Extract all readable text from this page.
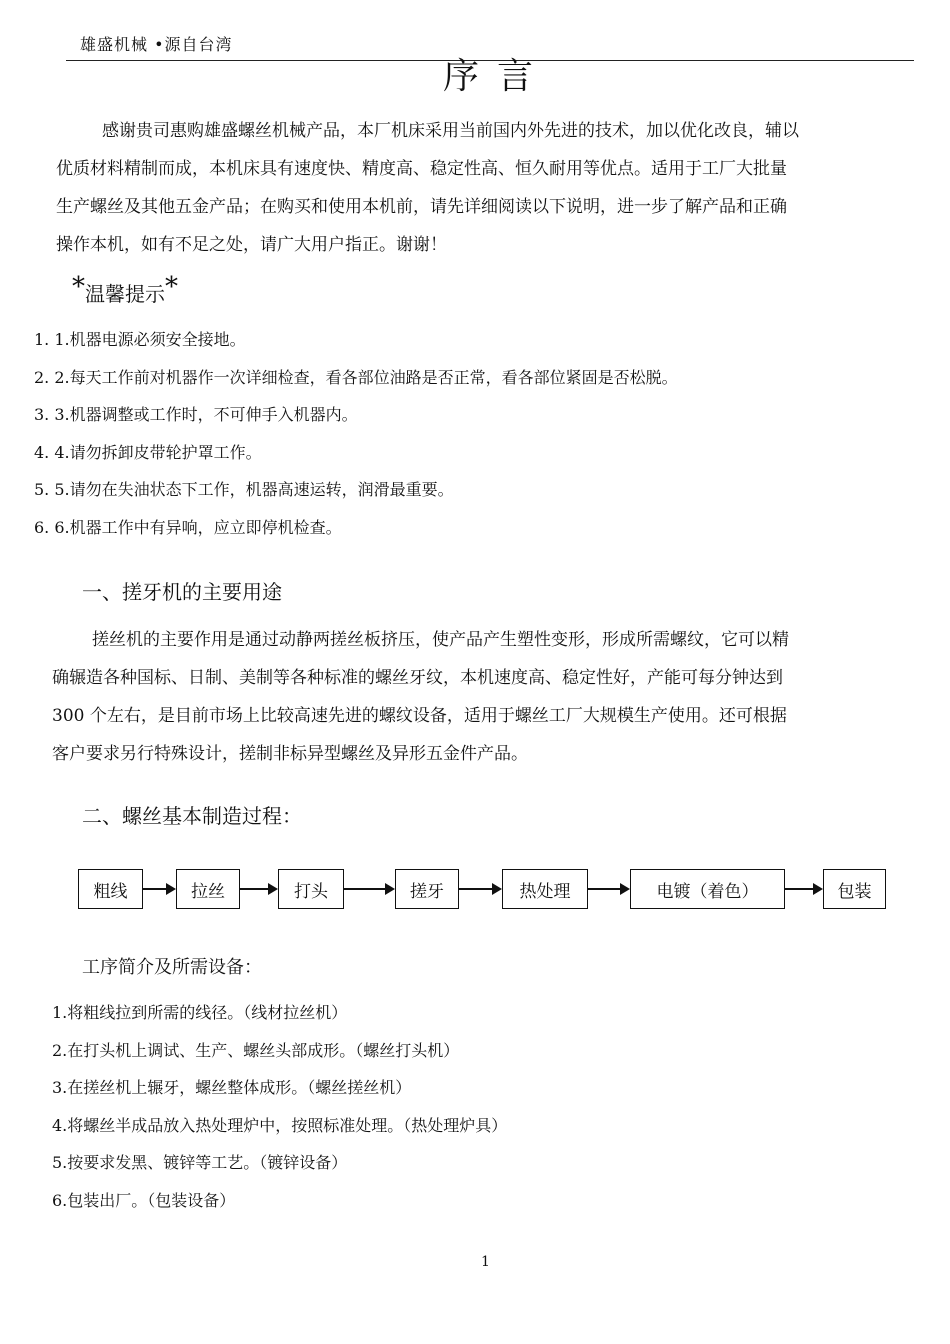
雄盛机械 •源自台湾
序言
感谢贵司惠购雄盛螺丝机械产品，本厂机床采用当前国内外先进的技术，加以优化改良，辅以
优质材料精制而成，本机床具有速度快、精度高、稳定性高、恒久耐用等优点。适用于工厂大批量
生产螺丝及其他五金产品；在购买和使用本机前，请先详细阅读以下说明，进一步了解产品和正确
操作本机，如有不足之处，请广大用户指正。谢谢！
*温馨提示*
1. 1.机器电源必须安全接地。
2. 2.每天工作前对机器作一次详细检查，看各部位油路是否正常，看各部位紧固是否松脱。
3. 3.机器调整或工作时，不可伸手入机器内。
4. 4.请勿拆卸皮带轮护罩工作。
5. 5.请勿在失油状态下工作，机器高速运转，润滑最重要。
6. 6.机器工作中有异响，应立即停机检查。
一、搓牙机的主要用途
搓丝机的主要作用是通过动静两搓丝板挤压，使产品产生塑性变形，形成所需螺纹，它可以精
确辗造各种国标、日制、美制等各种标准的螺丝牙纹，本机速度高、稳定性好，产能可每分钟达到
300 个左右，是目前市场上比较高速先进的螺纹设备，适用于螺丝工厂大规模生产使用。还可根据
客户要求另行特殊设计，搓制非标异型螺丝及异形五金件产品。
二、螺丝基本制造过程：
粗线	拉丝	打头	搓牙	热处理	电镀（着色）	包装
工序简介及所需设备：
1.将粗线拉到所需的线径。（线材拉丝机）
2.在打头机上调试、生产、螺丝头部成形。（螺丝打头机）
3.在搓丝机上辗牙，螺丝整体成形。（螺丝搓丝机）
4.将螺丝半成品放入热处理炉中，按照标准处理。（热处理炉具）
5.按要求发黑、镀锌等工艺。（镀锌设备）
6.包装出厂。（包装设备）
1
